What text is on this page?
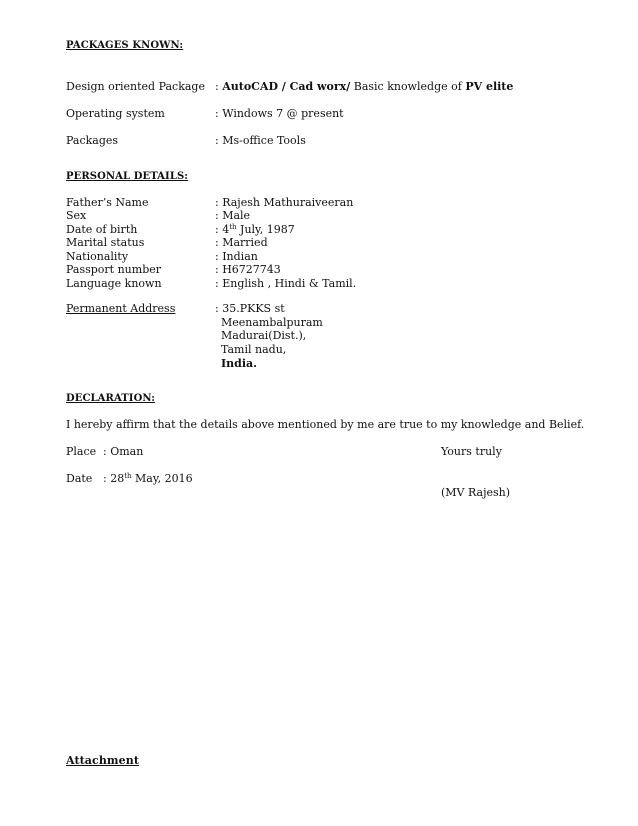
PACKAGES KNOWN:
Design oriented Package : AutoCAD / Cad worx/ Basic knowledge of PV elite
Operating system	: Windows 7 @ present
Packages	: Ms-office Tools
PERSONAL DETAILS:
Father’s Name	: Rajesh Mathuraiveeran
Sex	: Male
Date of birth	: 4th July, 1987
Marital status	: Married
Nationality	: Indian
Passport number	: H6727743
Language known	: English , Hindi & Tamil.
Permanent Address	: 35.PKKS st
Meenambalpuram
Madurai(Dist.),
Tamil nadu,
India.
DECLARATION:
I hereby affirm that the details above mentioned by me are true to my knowledge and Belief.
Place : Oman	Yours truly
Date : 28th May, 2016
(MV Rajesh)
Attachment
